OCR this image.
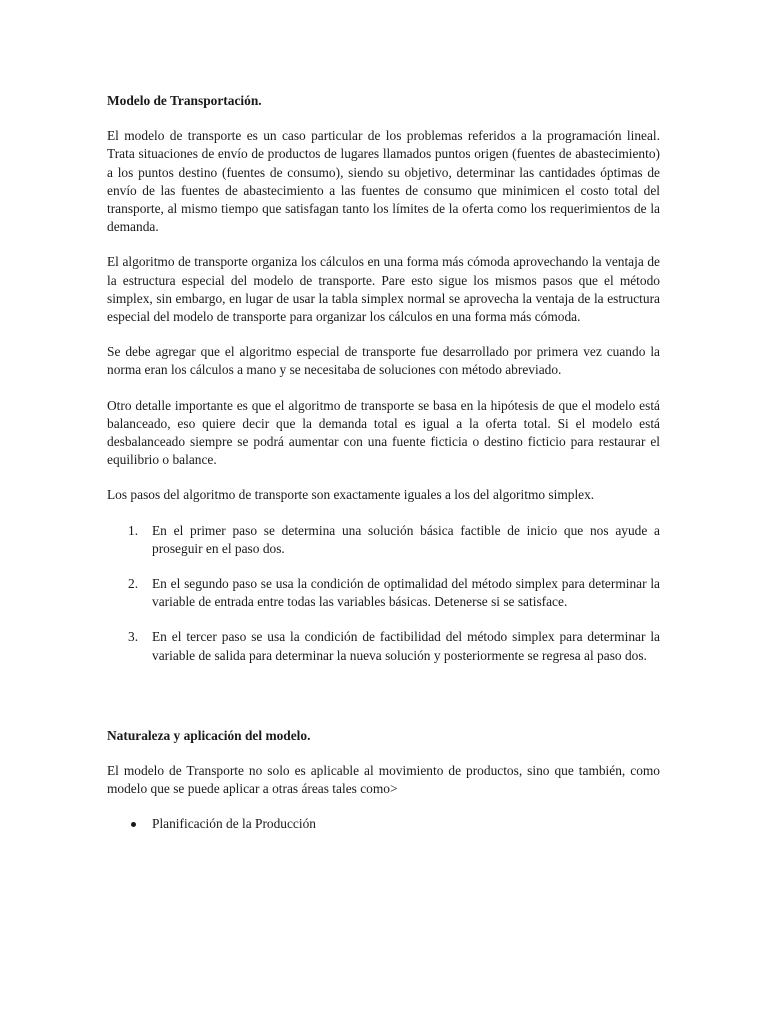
Modelo de Transportación.

El modelo de transporte es un caso particular de los problemas referidos a la programación lineal. Trata situaciones de envío de productos de lugares llamados puntos origen (fuentes de abastecimiento) a los puntos destino (fuentes de consumo), siendo su objetivo, determinar las cantidades óptimas de envío de las fuentes de abastecimiento a las fuentes de consumo que minimicen el costo total del transporte, al mismo tiempo que satisfagan tanto los límites de la oferta como los requerimientos de la demanda.

El algoritmo de transporte organiza los cálculos en una forma más cómoda aprovechando la ventaja de la estructura especial del modelo de transporte. Pare esto sigue los mismos pasos que el método simplex, sin embargo, en lugar de usar la tabla simplex normal se aprovecha la ventaja de la estructura especial del modelo de transporte para organizar los cálculos en una forma más cómoda.

Se debe agregar que el algoritmo especial de transporte fue desarrollado por primera vez cuando la norma eran los cálculos a mano y se necesitaba de soluciones con método abreviado.

Otro detalle importante es que el algoritmo de transporte se basa en la hipótesis de que el modelo está balanceado, eso quiere decir que la demanda total es igual a la oferta total. Si el modelo está desbalanceado siempre se podrá aumentar con una fuente ficticia o destino ficticio para restaurar el equilibrio o balance.

Los pasos del algoritmo de transporte son exactamente iguales a los del algoritmo simplex.

1. En el primer paso se determina una solución básica factible de inicio que nos ayude a proseguir en el paso dos.
2. En el segundo paso se usa la condición de optimalidad del método simplex para determinar la variable de entrada entre todas las variables básicas. Detenerse si se satisface.
3. En el tercer paso se usa la condición de factibilidad del método simplex para determinar la variable de salida para determinar la nueva solución y posteriormente se regresa al paso dos.

Naturaleza y aplicación del modelo.

El modelo de Transporte no solo es aplicable al movimiento de productos, sino que también, como modelo que se puede aplicar a otras áreas tales como>

Planificación de la Producción
